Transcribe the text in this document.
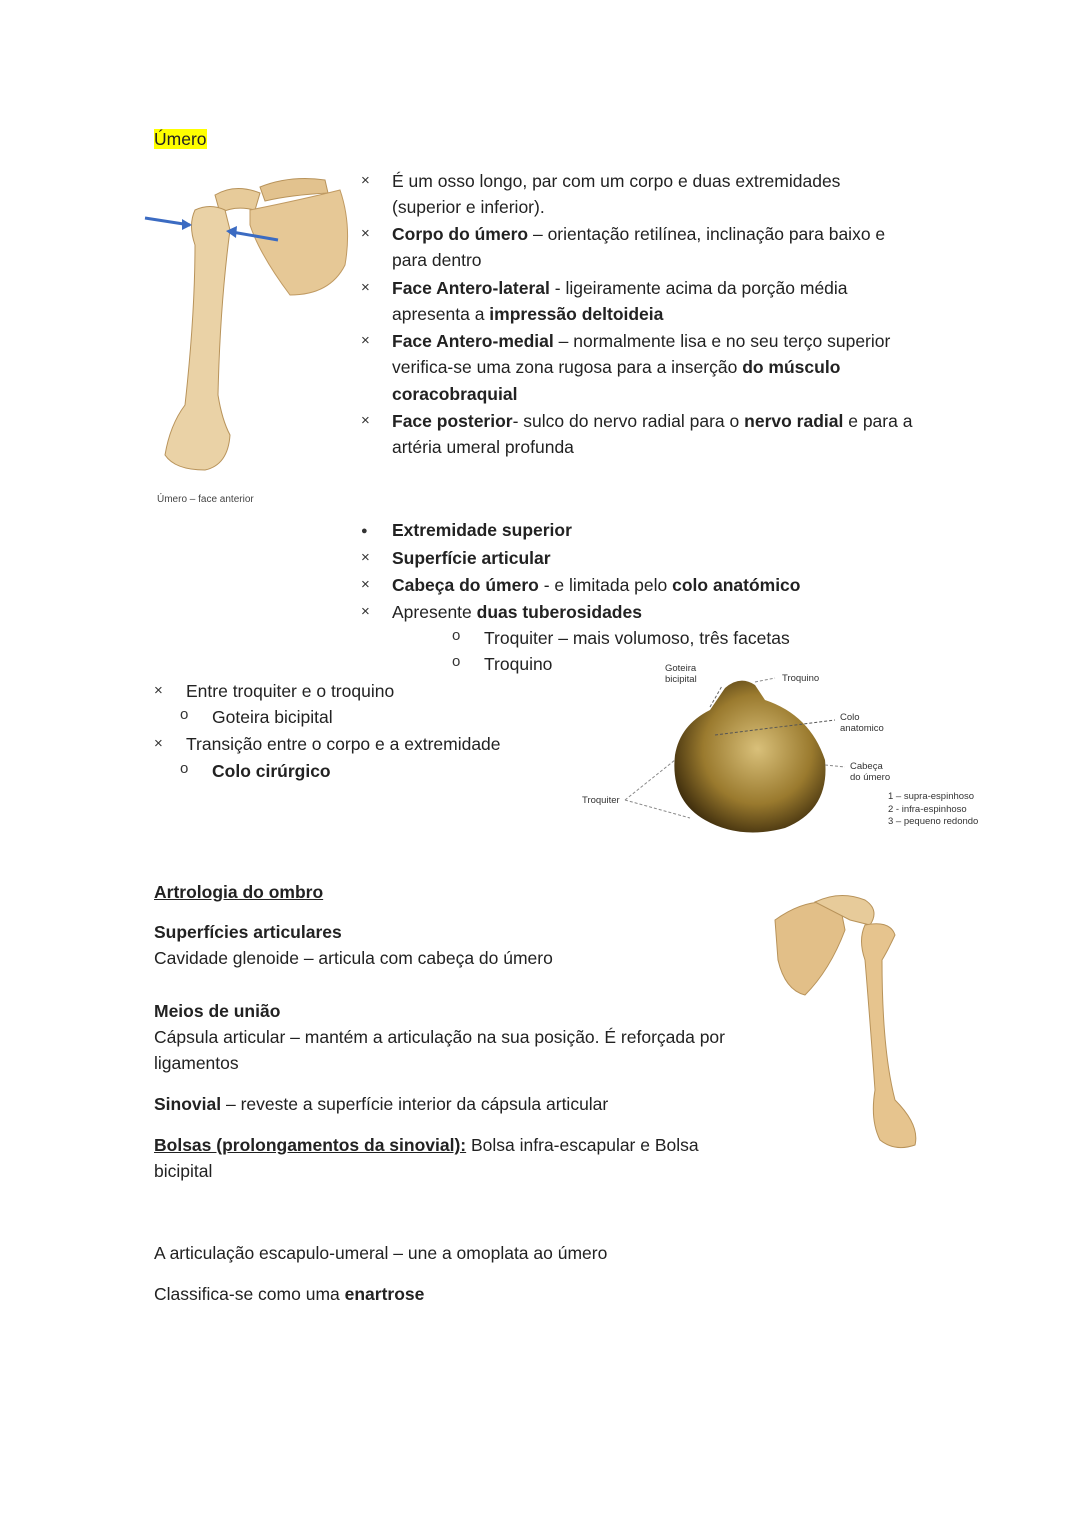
Úmero
Úmero – face anterior
× É um osso longo, par com um corpo e duas extremidades
(superior e inferior).
× Corpo do úmero – orientação retilínea, inclinação para baixo e
para dentro
× Face Antero-lateral - ligeiramente acima da porção média
apresenta a impressão deltoideia
× Face Antero-medial – normalmente lisa e no seu terço superior
verifica-se uma zona rugosa para a inserção do músculo
coracobraquial
× Face posterior- sulco do nervo radial para o nervo radial e para a
artéria umeral profunda
● Extremidade superior
× Superfície articular
× Cabeça do úmero - e limitada pelo colo anatómico
× Apresente duas tuberosidades
o Troquiter – mais volumoso, três facetas
o Troquino
× Entre troquiter e o troquino
o Goteira bicipital
× Transição entre o corpo e a extremidade
o Colo cirúrgico
Goteira
bicipital	Troquino
Colo
anatomico
Cabeça
do úmero
Troquiter	1 – supra-espinhoso
2 - infra-espinhoso
3 – pequeno redondo
Artrologia do ombro
Superfícies articulares
Cavidade glenoide – articula com cabeça do úmero
Meios de união
Cápsula articular – mantém a articulação na sua posição. É reforçada por
ligamentos
Sinovial – reveste a superfície interior da cápsula articular
Bolsas (prolongamentos da sinovial): Bolsa infra-escapular e Bolsa
bicipital
A articulação escapulo-umeral – une a omoplata ao úmero
Classifica-se como uma enartrose
